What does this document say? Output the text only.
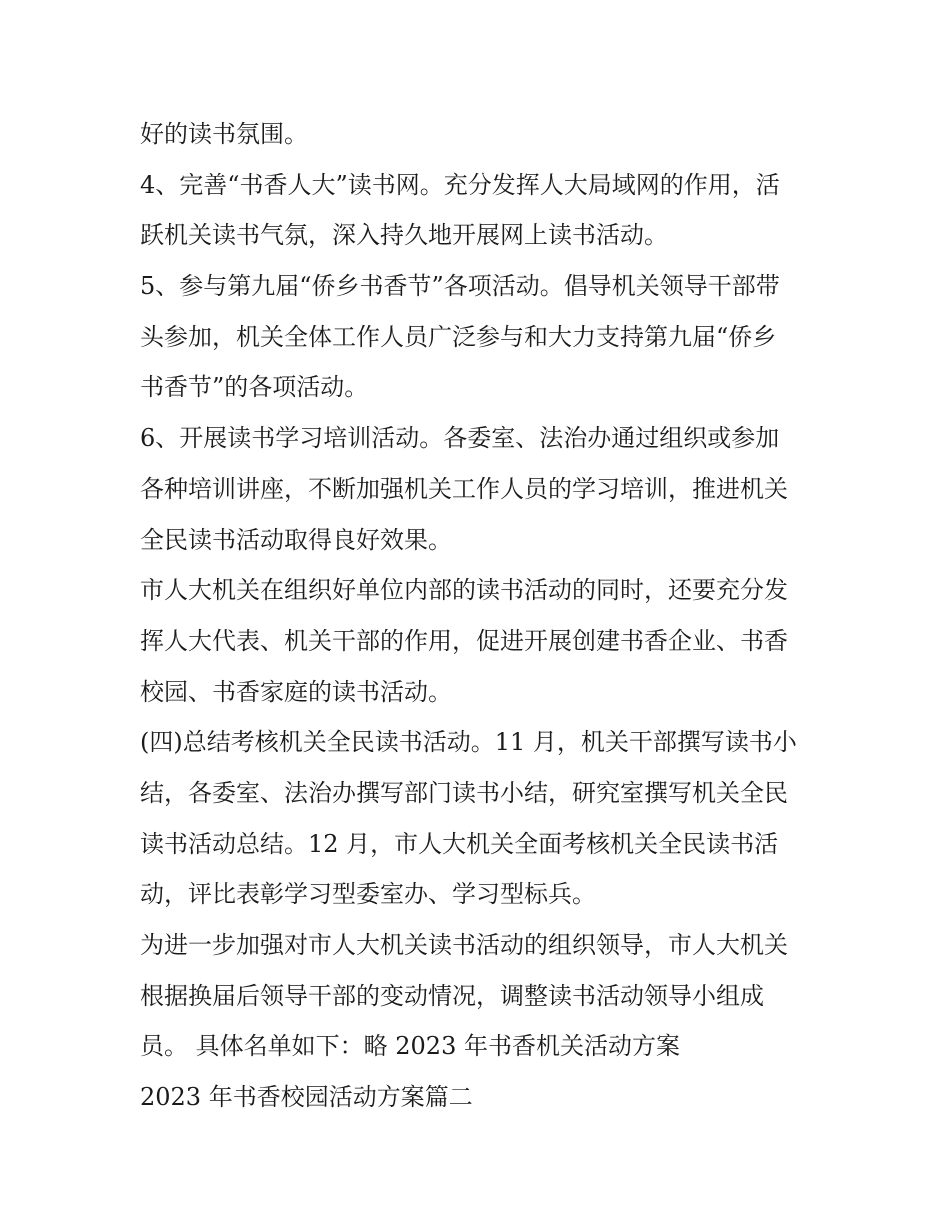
好的读书氛围。
4、完善“书香人大”读书网。充分发挥人大局域网的作用，活
跃机关读书气氛，深入持久地开展网上读书活动。
5、参与第九届“侨乡书香节”各项活动。倡导机关领导干部带
头参加，机关全体工作人员广泛参与和大力支持第九届“侨乡
书香节”的各项活动。
6、开展读书学习培训活动。各委室、法治办通过组织或参加
各种培训讲座，不断加强机关工作人员的学习培训，推进机关
全民读书活动取得良好效果。
市人大机关在组织好单位内部的读书活动的同时，还要充分发
挥人大代表、机关干部的作用，促进开展创建书香企业、书香
校园、书香家庭的读书活动。
(四)总结考核机关全民读书活动。11 月，机关干部撰写读书小
结，各委室、法治办撰写部门读书小结，研究室撰写机关全民
读书活动总结。12 月，市人大机关全面考核机关全民读书活
动，评比表彰学习型委室办、学习型标兵。
为进一步加强对市人大机关读书活动的组织领导，市人大机关
根据换届后领导干部的变动情况，调整读书活动领导小组成
员。 具体名单如下：略 2023 年书香机关活动方案
2023 年书香校园活动方案篇二
